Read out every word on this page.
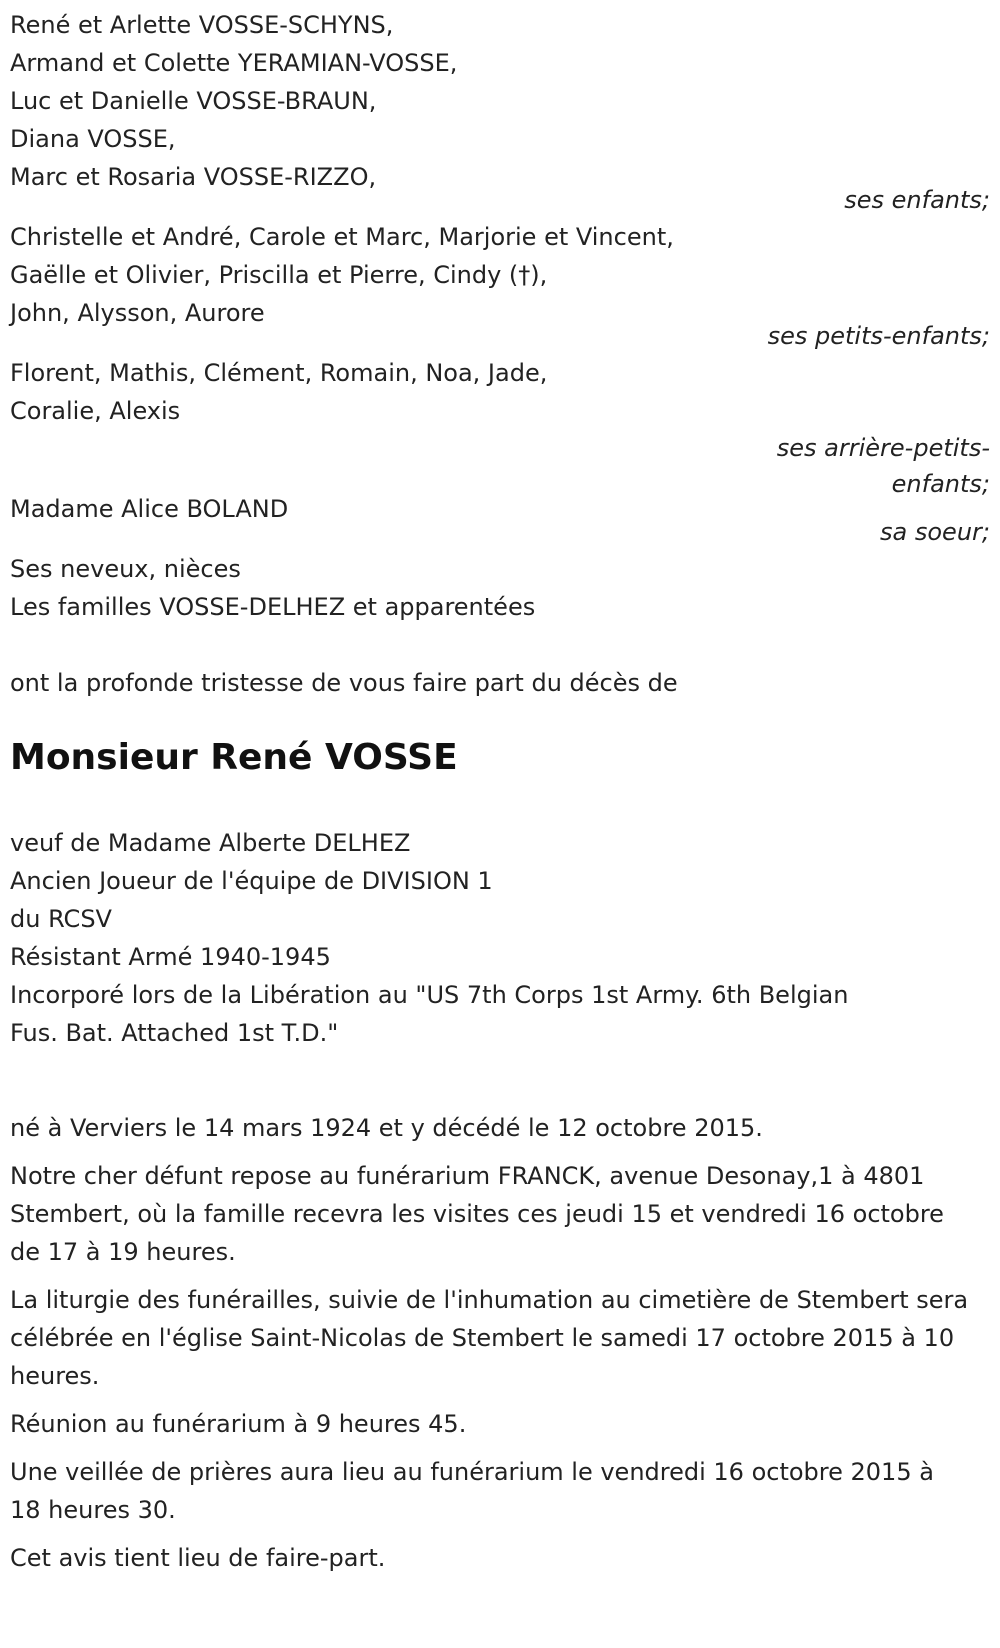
René et Arlette VOSSE-SCHYNS,
Armand et Colette YERAMIAN-VOSSE,
Luc et Danielle VOSSE-BRAUN,
Diana VOSSE,
Marc et Rosaria VOSSE-RIZZO,
ses enfants;
Christelle et André, Carole et Marc, Marjorie et Vincent,
Gaëlle et Olivier, Priscilla et Pierre, Cindy (†),
John, Alysson, Aurore
ses petits-enfants;
Florent, Mathis, Clément, Romain, Noa, Jade,
Coralie, Alexis
ses arrière-petits-
enfants;
Madame Alice BOLAND
sa soeur;
Ses neveux, nièces
Les familles VOSSE-DELHEZ et apparentées
ont la profonde tristesse de vous faire part du décès de
Monsieur René VOSSE
veuf de Madame Alberte DELHEZ
Ancien Joueur de l'équipe de DIVISION 1
du RCSV
Résistant Armé 1940-1945
Incorporé lors de la Libération au "US 7th Corps 1st Army. 6th Belgian
Fus. Bat. Attached 1st T.D."
né à Verviers le 14 mars 1924 et y décédé le 12 octobre 2015.
Notre cher défunt repose au funérarium FRANCK, avenue Desonay,1 à 4801 Stembert, où la famille recevra les visites ces jeudi 15 et vendredi 16 octobre de 17 à 19 heures.
La liturgie des funérailles, suivie de l'inhumation au cimetière de Stembert sera célébrée en l'église Saint-Nicolas de Stembert le samedi 17 octobre 2015 à 10 heures.
Réunion au funérarium à 9 heures 45.
Une veillée de prières aura lieu au funérarium le vendredi 16 octobre 2015 à 18 heures 30.
Cet avis tient lieu de faire-part.
